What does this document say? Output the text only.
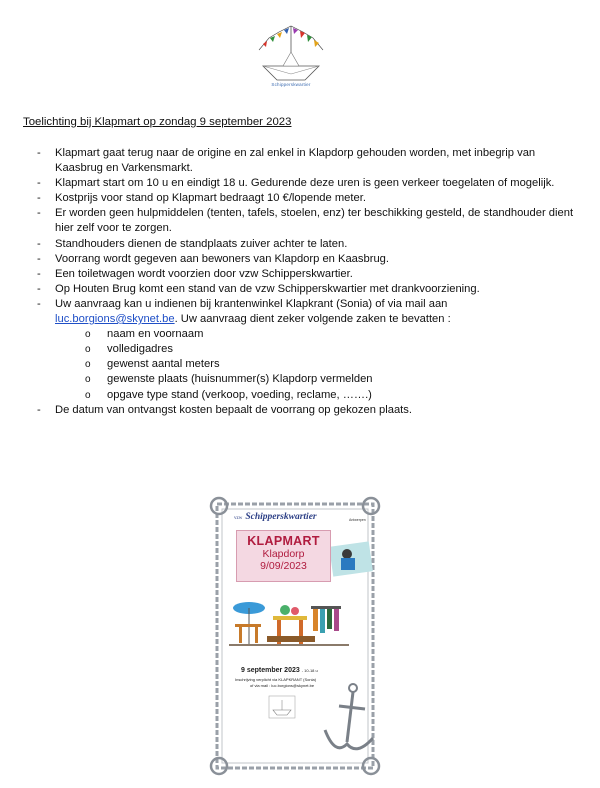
Schipperskwartier
Toelichting bij Klapmart op zondag 9 september 2023
- Klapmart gaat terug naar de origine en zal enkel in Klapdorp gehouden worden, met inbegrip van Kaasbrug en Varkensmarkt.
- Klapmart start om 10 u en eindigt 18 u. Gedurende deze uren is geen verkeer toegelaten of mogelijk.
- Kostprijs voor stand op Klapmart bedraagt 10 €/lopende meter.
- Er worden geen hulpmiddelen (tenten, tafels, stoelen, enz) ter beschikking gesteld, de standhouder dient hier zelf voor te zorgen.
- Standhouders dienen de standplaats zuiver achter te laten.
- Voorrang wordt gegeven aan bewoners van Klapdorp en Kaasbrug.
- Een toiletwagen wordt voorzien door vzw Schipperskwartier.
- Op Houten Brug komt een stand van de vzw Schipperskwartier met drankvoorziening.
- Uw aanvraag kan u indienen bij krantenwinkel Klapkrant (Sonia) of via mail aan
luc.borgions@skynet.be. Uw aanvraag dient zeker volgende zaken te bevatten :
o naam en voornaam
o volledigadres
o gewenst aantal meters
o gewenste plaats (huisnummer(s) Klapdorp vermelden
o opgave type stand (verkoop, voeding, reclame, …….)
- De datum van ontvangst kosten bepaalt de voorrang op gekozen plaats.
vzw Schipperskwartier	Antwerpen
KLAPMART
Klapdorp
9/09/2023
9 september 2023 - 10-18 u
Inschrijving verplicht via KLAPKRANT (Sonia)
of via mail : luc.borgions@skynet.be
